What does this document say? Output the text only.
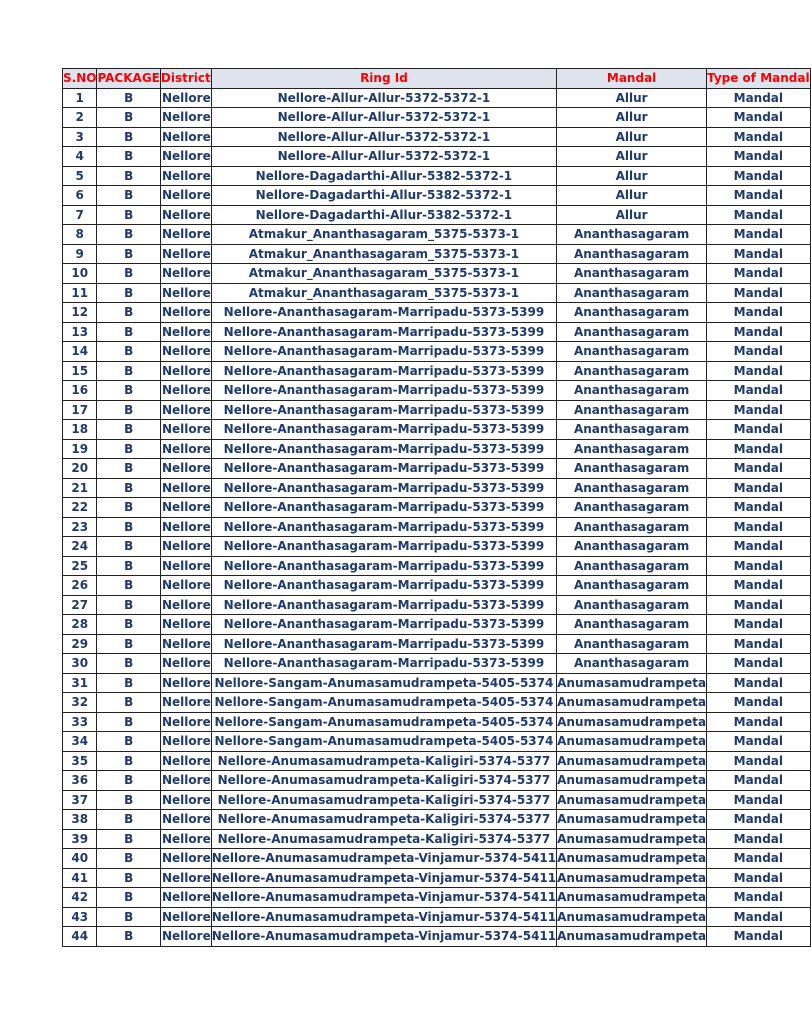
S.NO	PACKAGE	District	Ring Id	Mandal	Type of Mandal
1	B	Nellore	Nellore-Allur-Allur-5372-5372-1	Allur	Mandal
2	B	Nellore	Nellore-Allur-Allur-5372-5372-1	Allur	Mandal
3	B	Nellore	Nellore-Allur-Allur-5372-5372-1	Allur	Mandal
4	B	Nellore	Nellore-Allur-Allur-5372-5372-1	Allur	Mandal
5	B	Nellore	Nellore-Dagadarthi-Allur-5382-5372-1	Allur	Mandal
6	B	Nellore	Nellore-Dagadarthi-Allur-5382-5372-1	Allur	Mandal
7	B	Nellore	Nellore-Dagadarthi-Allur-5382-5372-1	Allur	Mandal
8	B	Nellore	Atmakur_Ananthasagaram_5375-5373-1	Ananthasagaram	Mandal
9	B	Nellore	Atmakur_Ananthasagaram_5375-5373-1	Ananthasagaram	Mandal
10	B	Nellore	Atmakur_Ananthasagaram_5375-5373-1	Ananthasagaram	Mandal
11	B	Nellore	Atmakur_Ananthasagaram_5375-5373-1	Ananthasagaram	Mandal
12	B	Nellore	Nellore-Ananthasagaram-Marripadu-5373-5399	Ananthasagaram	Mandal
13	B	Nellore	Nellore-Ananthasagaram-Marripadu-5373-5399	Ananthasagaram	Mandal
14	B	Nellore	Nellore-Ananthasagaram-Marripadu-5373-5399	Ananthasagaram	Mandal
15	B	Nellore	Nellore-Ananthasagaram-Marripadu-5373-5399	Ananthasagaram	Mandal
16	B	Nellore	Nellore-Ananthasagaram-Marripadu-5373-5399	Ananthasagaram	Mandal
17	B	Nellore	Nellore-Ananthasagaram-Marripadu-5373-5399	Ananthasagaram	Mandal
18	B	Nellore	Nellore-Ananthasagaram-Marripadu-5373-5399	Ananthasagaram	Mandal
19	B	Nellore	Nellore-Ananthasagaram-Marripadu-5373-5399	Ananthasagaram	Mandal
20	B	Nellore	Nellore-Ananthasagaram-Marripadu-5373-5399	Ananthasagaram	Mandal
21	B	Nellore	Nellore-Ananthasagaram-Marripadu-5373-5399	Ananthasagaram	Mandal
22	B	Nellore	Nellore-Ananthasagaram-Marripadu-5373-5399	Ananthasagaram	Mandal
23	B	Nellore	Nellore-Ananthasagaram-Marripadu-5373-5399	Ananthasagaram	Mandal
24	B	Nellore	Nellore-Ananthasagaram-Marripadu-5373-5399	Ananthasagaram	Mandal
25	B	Nellore	Nellore-Ananthasagaram-Marripadu-5373-5399	Ananthasagaram	Mandal
26	B	Nellore	Nellore-Ananthasagaram-Marripadu-5373-5399	Ananthasagaram	Mandal
27	B	Nellore	Nellore-Ananthasagaram-Marripadu-5373-5399	Ananthasagaram	Mandal
28	B	Nellore	Nellore-Ananthasagaram-Marripadu-5373-5399	Ananthasagaram	Mandal
29	B	Nellore	Nellore-Ananthasagaram-Marripadu-5373-5399	Ananthasagaram	Mandal
30	B	Nellore	Nellore-Ananthasagaram-Marripadu-5373-5399	Ananthasagaram	Mandal
31	B	Nellore	Nellore-Sangam-Anumasamudrampeta-5405-5374	Anumasamudrampeta	Mandal
32	B	Nellore	Nellore-Sangam-Anumasamudrampeta-5405-5374	Anumasamudrampeta	Mandal
33	B	Nellore	Nellore-Sangam-Anumasamudrampeta-5405-5374	Anumasamudrampeta	Mandal
34	B	Nellore	Nellore-Sangam-Anumasamudrampeta-5405-5374	Anumasamudrampeta	Mandal
35	B	Nellore	Nellore-Anumasamudrampeta-Kaligiri-5374-5377	Anumasamudrampeta	Mandal
36	B	Nellore	Nellore-Anumasamudrampeta-Kaligiri-5374-5377	Anumasamudrampeta	Mandal
37	B	Nellore	Nellore-Anumasamudrampeta-Kaligiri-5374-5377	Anumasamudrampeta	Mandal
38	B	Nellore	Nellore-Anumasamudrampeta-Kaligiri-5374-5377	Anumasamudrampeta	Mandal
39	B	Nellore	Nellore-Anumasamudrampeta-Kaligiri-5374-5377	Anumasamudrampeta	Mandal
40	B	Nellore	Nellore-Anumasamudrampeta-Vinjamur-5374-5411	Anumasamudrampeta	Mandal
41	B	Nellore	Nellore-Anumasamudrampeta-Vinjamur-5374-5411	Anumasamudrampeta	Mandal
42	B	Nellore	Nellore-Anumasamudrampeta-Vinjamur-5374-5411	Anumasamudrampeta	Mandal
43	B	Nellore	Nellore-Anumasamudrampeta-Vinjamur-5374-5411	Anumasamudrampeta	Mandal
44	B	Nellore	Nellore-Anumasamudrampeta-Vinjamur-5374-5411	Anumasamudrampeta	Mandal
